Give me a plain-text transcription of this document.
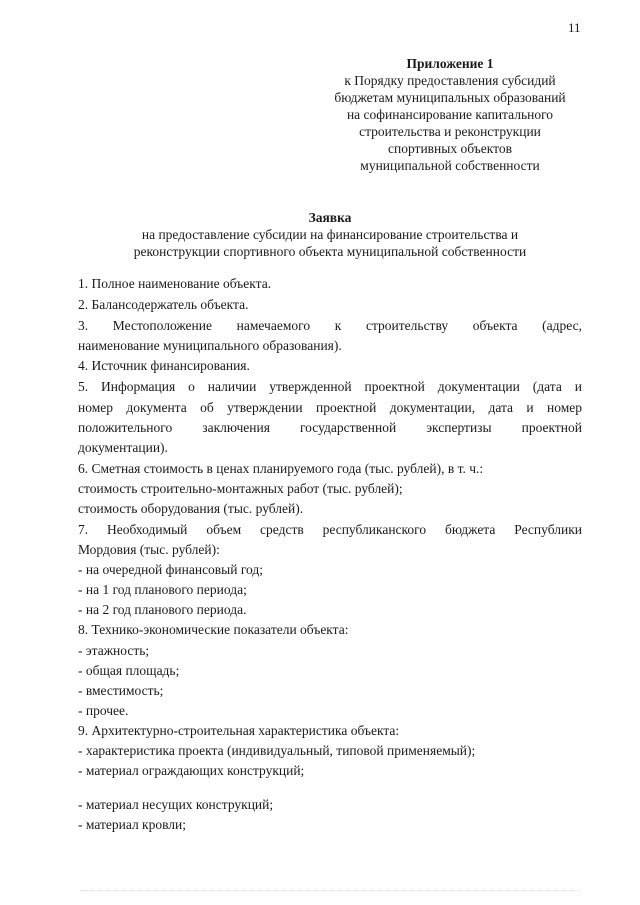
11
Приложение 1
к Порядку предоставления субсидий
бюджетам муниципальных образований
на софинансирование капитального
строительства и реконструкции
спортивных объектов
муниципальной собственности
Заявка
на предоставление субсидии на финансирование строительства и
реконструкции спортивного объекта муниципальной собственности
1. Полное наименование объекта.
2. Балансодержатель объекта.
3. Местоположение намечаемого к строительству объекта (адрес,
наименование муниципального образования).
4. Источник финансирования.
5. Информация о наличии утвержденной проектной документации (дата и
номер документа об утверждении проектной документации, дата и номер
положительного заключения государственной экспертизы проектной
документации).
6. Сметная стоимость в ценах планируемого года (тыс. рублей), в т. ч.:
стоимость строительно-монтажных работ (тыс. рублей);
стоимость оборудования (тыс. рублей).
7. Необходимый объем средств республиканского бюджета Республики
Мордовия (тыс. рублей):
- на очередной финансовый год;
- на 1 год планового периода;
- на 2 год планового периода.
8. Технико-экономические показатели объекта:
- этажность;
- общая площадь;
- вместимость;
- прочее.
9. Архитектурно-строительная характеристика объекта:
- характеристика проекта (индивидуальный, типовой применяемый);
- материал ограждающих конструкций;
- материал несущих конструкций;
- материал кровли;
